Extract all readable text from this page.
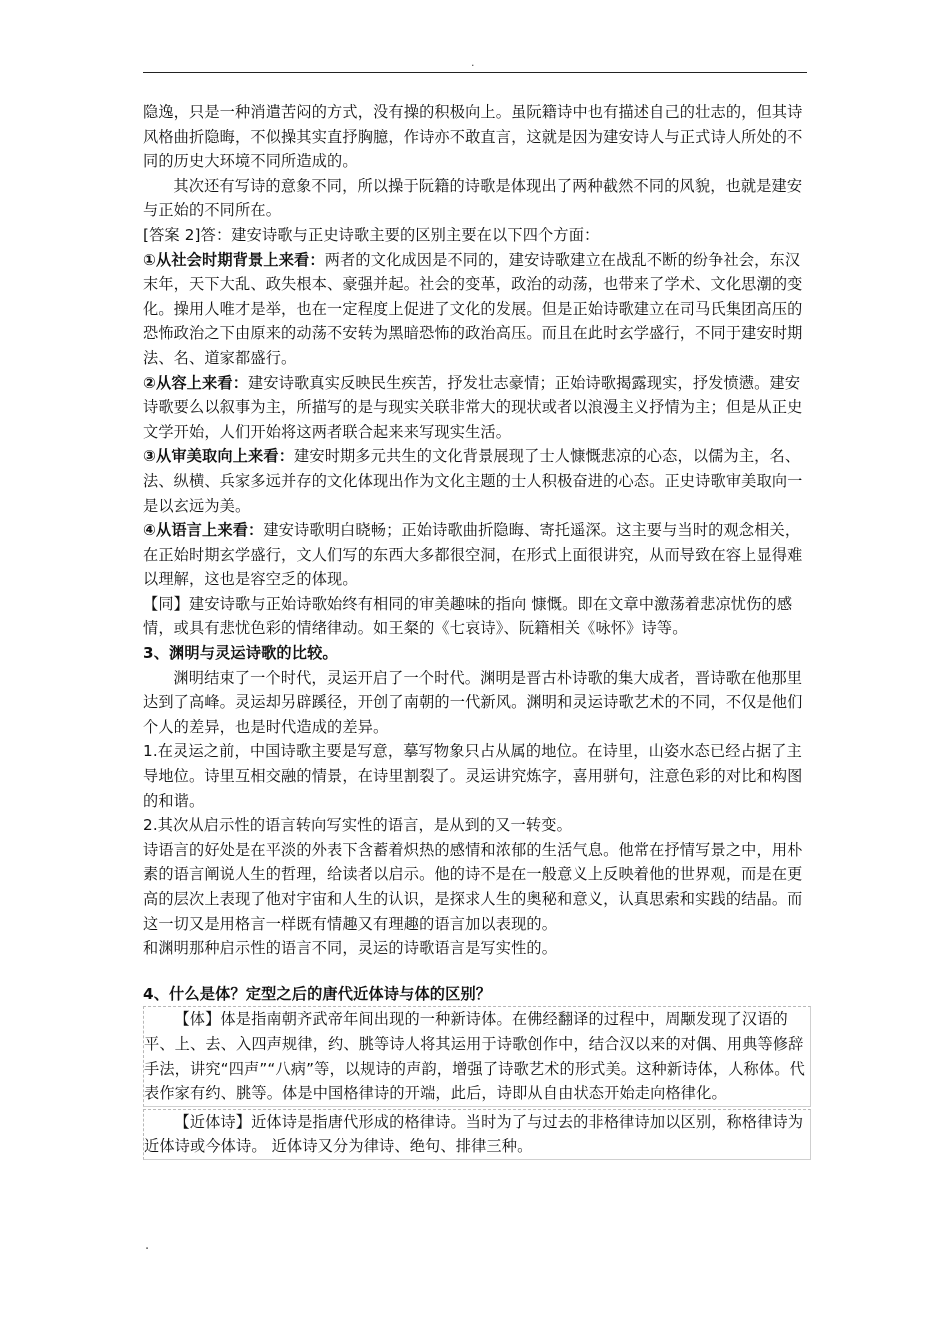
.

隐逸，只是一种消遣苦闷的方式，没有操的积极向上。虽阮籍诗中也有描述自己的壮志的，但其诗风格曲折隐晦，不似操其实直抒胸臆，作诗亦不敢直言，这就是因为建安诗人与正式诗人所处的不同的历史大环境不同所造成的。

其次还有写诗的意象不同，所以操于阮籍的诗歌是体现出了两种截然不同的风貌，也就是建安与正始的不同所在。

[答案 2]答：建安诗歌与正史诗歌主要的区别主要在以下四个方面：

①从社会时期背景上来看：两者的文化成因是不同的，建安诗歌建立在战乱不断的纷争社会，东汉末年，天下大乱、政失根本、豪强并起。社会的变革，政治的动荡，也带来了学术、文化思潮的变化。操用人唯才是举，也在一定程度上促进了文化的发展。但是正始诗歌建立在司马氏集团高压的恐怖政治之下由原来的动荡不安转为黑暗恐怖的政治高压。而且在此时玄学盛行，不同于建安时期法、名、道家都盛行。

②从容上来看：建安诗歌真实反映民生疾苦，抒发壮志豪情；正始诗歌揭露现实，抒发愤懑。建安诗歌要么以叙事为主，所描写的是与现实关联非常大的现状或者以浪漫主义抒情为主；但是从正史文学开始，人们开始将这两者联合起来来写现实生活。

③从审美取向上来看：建安时期多元共生的文化背景展现了士人慷慨悲凉的心态，以儒为主，名、法、纵横、兵家多远并存的文化体现出作为文化主题的士人积极奋进的心态。正史诗歌审美取向一是以玄远为美。

④从语言上来看：建安诗歌明白晓畅；正始诗歌曲折隐晦、寄托遥深。这主要与当时的观念相关，在正始时期玄学盛行，文人们写的东西大多都很空洞，在形式上面很讲究，从而导致在容上显得难以理解，这也是容空乏的体现。

【同】建安诗歌与正始诗歌始终有相同的审美趣味的指向 慷慨。即在文章中激荡着悲凉忧伤的感情，或具有悲忧色彩的情绪律动。如王粲的《七哀诗》、阮籍相关《咏怀》诗等。

3、渊明与灵运诗歌的比较。

渊明结束了一个时代，灵运开启了一个时代。渊明是晋古朴诗歌的集大成者，晋诗歌在他那里达到了高峰。灵运却另辟蹊径，开创了南朝的一代新风。渊明和灵运诗歌艺术的不同，不仅是他们个人的差异，也是时代造成的差异。

1.在灵运之前，中国诗歌主要是写意，摹写物象只占从属的地位。在诗里，山姿水态已经占据了主导地位。诗里互相交融的情景，在诗里割裂了。灵运讲究炼字，喜用骈句，注意色彩的对比和构图的和谐。

2.其次从启示性的语言转向写实性的语言，是从到的又一转变。

诗语言的好处是在平淡的外表下含蓄着炽热的感情和浓郁的生活气息。他常在抒情写景之中，用朴素的语言阐说人生的哲理，给读者以启示。他的诗不是在一般意义上反映着他的世界观，而是在更高的层次上表现了他对宇宙和人生的认识，是探求人生的奥秘和意义，认真思索和实践的结晶。而这一切又是用格言一样既有情趣又有理趣的语言加以表现的。

和渊明那种启示性的语言不同，灵运的诗歌语言是写实性的。

4、什么是体？定型之后的唐代近体诗与体的区别？

【体】体是指南朝齐武帝年间出现的一种新诗体。在佛经翻译的过程中，周颙发现了汉语的平、上、去、入四声规律，约、朓等诗人将其运用于诗歌创作中，结合汉以来的对偶、用典等修辞手法，讲究“四声”“八病”等，以规诗的声韵，增强了诗歌艺术的形式美。这种新诗体，人称体。代表作家有约、朓等。体是中国格律诗的开端，此后，诗即从自由状态开始走向格律化。

【近体诗】近体诗是指唐代形成的格律诗。当时为了与过去的非格律诗加以区别，称格律诗为近体诗或今体诗。 近体诗又分为律诗、绝句、排律三种。

.
